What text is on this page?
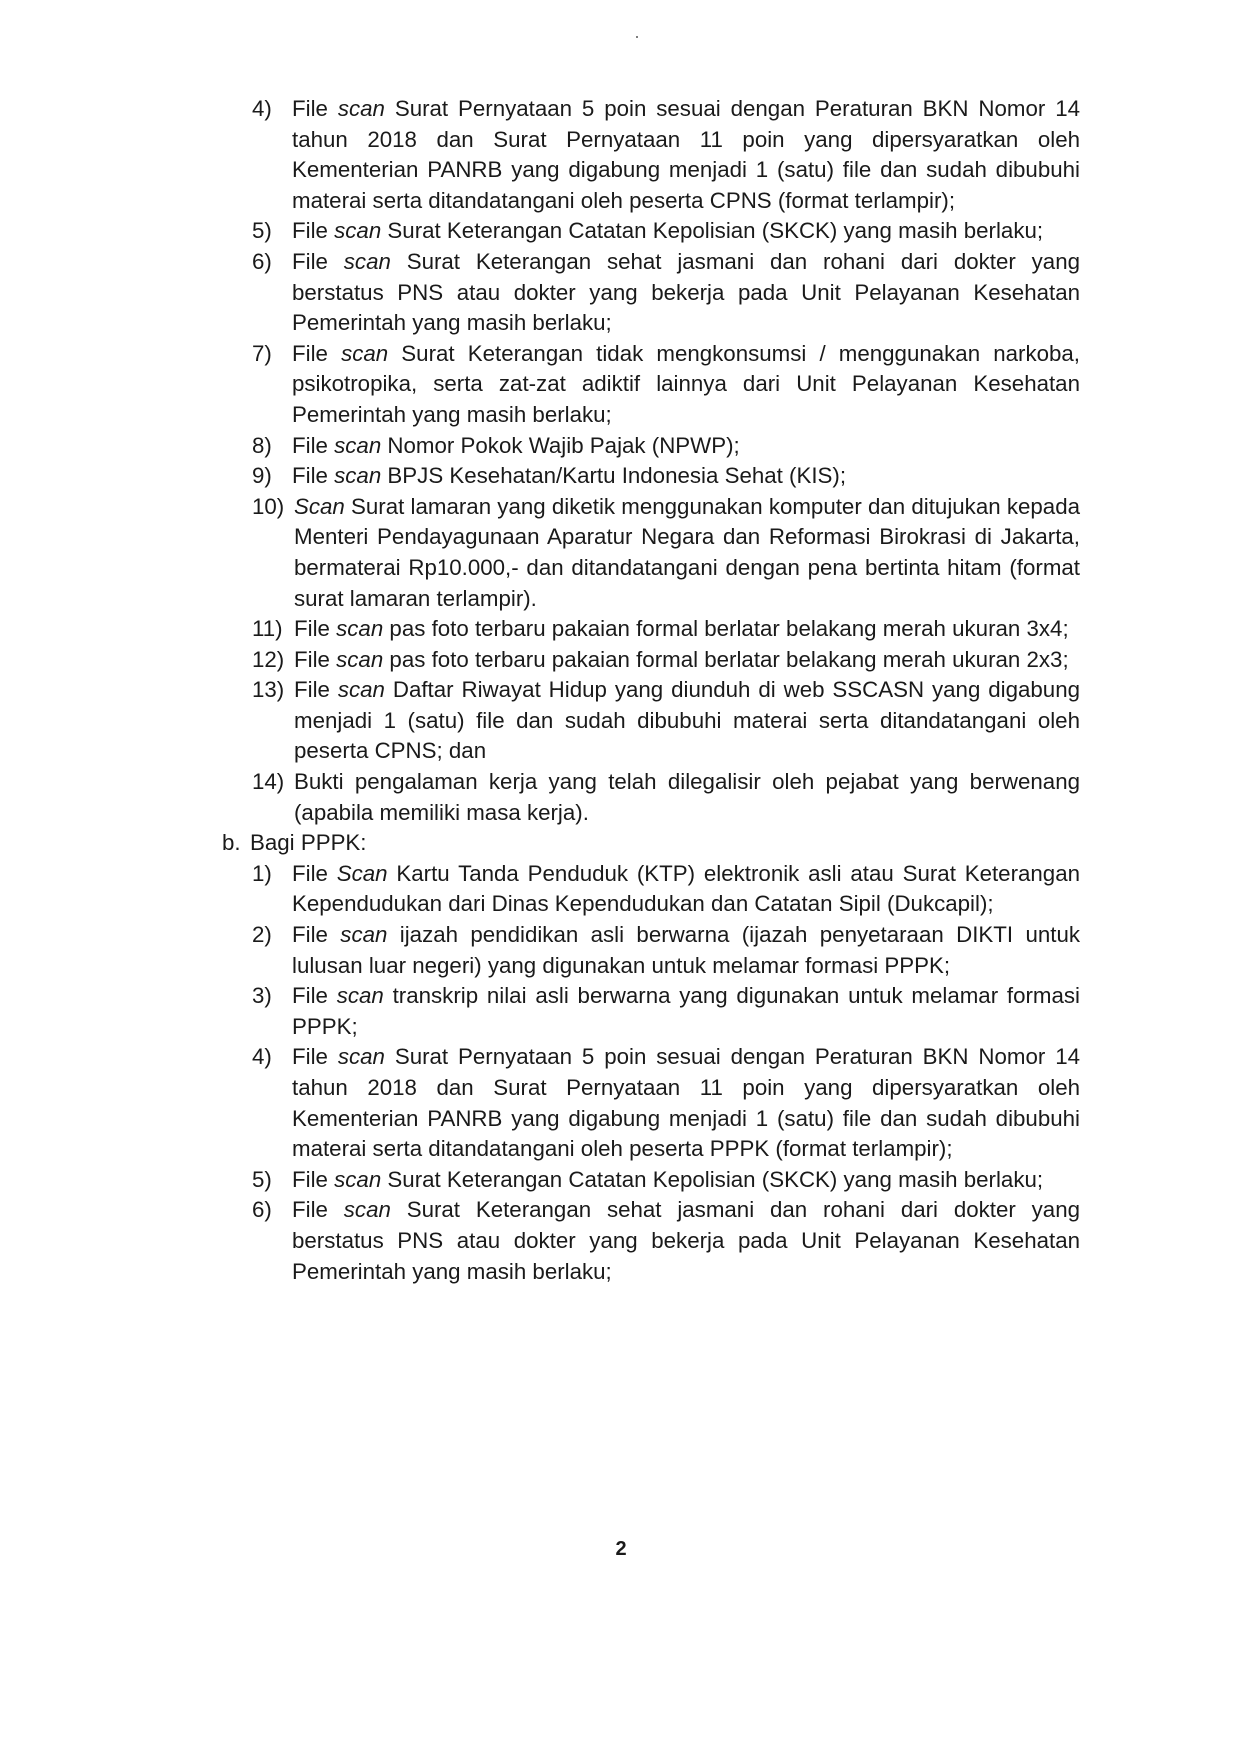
4) File scan Surat Pernyataan 5 poin sesuai dengan Peraturan BKN Nomor 14 tahun 2018 dan Surat Pernyataan 11 poin yang dipersyaratkan oleh Kementerian PANRB yang digabung menjadi 1 (satu) file dan sudah dibubuhi materai serta ditandatangani oleh peserta CPNS (format terlampir);
5) File scan Surat Keterangan Catatan Kepolisian (SKCK) yang masih berlaku;
6) File scan Surat Keterangan sehat jasmani dan rohani dari dokter yang berstatus PNS atau dokter yang bekerja pada Unit Pelayanan Kesehatan Pemerintah yang masih berlaku;
7) File scan Surat Keterangan tidak mengkonsumsi / menggunakan narkoba, psikotropika, serta zat-zat adiktif lainnya dari Unit Pelayanan Kesehatan Pemerintah yang masih berlaku;
8) File scan Nomor Pokok Wajib Pajak (NPWP);
9) File scan BPJS Kesehatan/Kartu Indonesia Sehat (KIS);
10) Scan Surat lamaran yang diketik menggunakan komputer dan ditujukan kepada Menteri Pendayagunaan Aparatur Negara dan Reformasi Birokrasi di Jakarta, bermaterai Rp10.000,- dan ditandatangani dengan pena bertinta hitam (format surat lamaran terlampir).
11) File scan pas foto terbaru pakaian formal berlatar belakang merah ukuran 3x4;
12) File scan pas foto terbaru pakaian formal berlatar belakang merah ukuran 2x3;
13) File scan Daftar Riwayat Hidup yang diunduh di web SSCASN yang digabung menjadi 1 (satu) file dan sudah dibubuhi materai serta ditandatangani oleh peserta CPNS; dan
14) Bukti pengalaman kerja yang telah dilegalisir oleh pejabat yang berwenang (apabila memiliki masa kerja).
b. Bagi PPPK:
1) File Scan Kartu Tanda Penduduk (KTP) elektronik asli atau Surat Keterangan Kependudukan dari Dinas Kependudukan dan Catatan Sipil (Dukcapil);
2) File scan ijazah pendidikan asli berwarna (ijazah penyetaraan DIKTI untuk lulusan luar negeri) yang digunakan untuk melamar formasi PPPK;
3) File scan transkrip nilai asli berwarna yang digunakan untuk melamar formasi PPPK;
4) File scan Surat Pernyataan 5 poin sesuai dengan Peraturan BKN Nomor 14 tahun 2018 dan Surat Pernyataan 11 poin yang dipersyaratkan oleh Kementerian PANRB yang digabung menjadi 1 (satu) file dan sudah dibubuhi materai serta ditandatangani oleh peserta PPPK (format terlampir);
5) File scan Surat Keterangan Catatan Kepolisian (SKCK) yang masih berlaku;
6) File scan Surat Keterangan sehat jasmani dan rohani dari dokter yang berstatus PNS atau dokter yang bekerja pada Unit Pelayanan Kesehatan Pemerintah yang masih berlaku;
2
